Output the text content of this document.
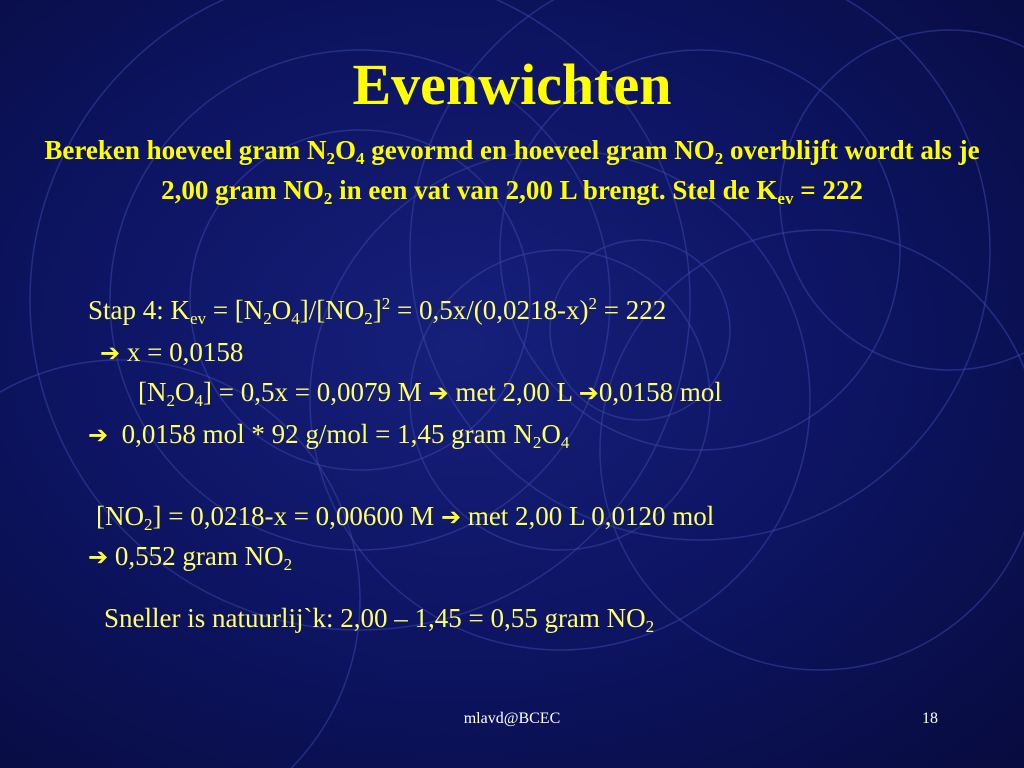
Evenwichten
Bereken hoeveel gram $N_2O_4$ gevormd en hoeveel gram $NO_2$ overblijft wordt als je 2,00 gram $NO_2$ in een vat van 2,00 L brengt. Stel de $K_{ev} = 222$
Stap 4: $K_{ev} = [N_2O_4]/[NO_2]^2 = 0,5x/(0,0218-x)^2 = 222$
➔ x = 0,0158
$[N_2O_4] = 0,5x = 0,0079$ M ➔ met 2,00 L ➔0,0158 mol
➔  0,0158 mol * 92 g/mol = 1,45 gram $N_2O_4$
$[NO_2] = 0,0218-x = 0,00600$ M ➔ met 2,00 L 0,0120 mol
➔ 0,552 gram $NO_2$
Sneller is natuurlij`k: 2,00 – 1,45 = 0,55 gram $NO_2$
mlavd@BCEC	18
